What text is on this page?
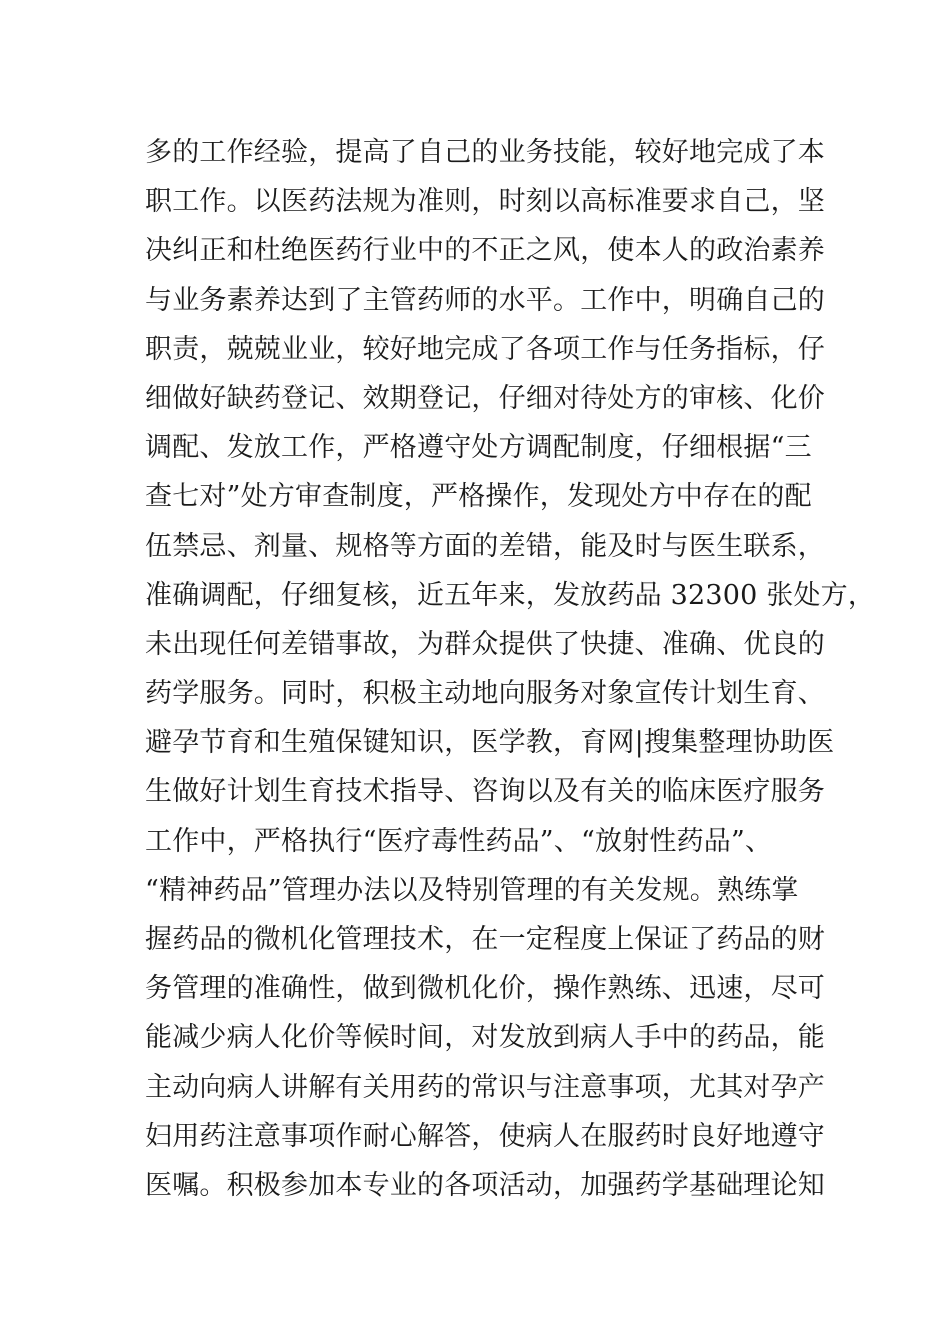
多的工作经验，提高了自己的业务技能，较好地完成了本
职工作。以医药法规为准则，时刻以高标准要求自己，坚
决纠正和杜绝医药行业中的不正之风，使本人的政治素养
与业务素养达到了主管药师的水平。工作中，明确自己的
职责，兢兢业业，较好地完成了各项工作与任务指标，仔
细做好缺药登记、效期登记，仔细对待处方的审核、化价
调配、发放工作，严格遵守处方调配制度，仔细根据“三
查七对”处方审查制度，严格操作，发现处方中存在的配
伍禁忌、剂量、规格等方面的差错，能及时与医生联系，
准确调配，仔细复核，近五年来，发放药品 32300 张处方，
未出现任何差错事故，为群众提供了快捷、准确、优良的
药学服务。同时，积极主动地向服务对象宣传计划生育、
避孕节育和生殖保键知识，医学教，育网|搜集整理协助医
生做好计划生育技术指导、咨询以及有关的临床医疗服务
工作中，严格执行“医疗毒性药品”、“放射性药品”、
“精神药品”管理办法以及特别管理的有关发规。熟练掌
握药品的微机化管理技术，在一定程度上保证了药品的财
务管理的准确性，做到微机化价，操作熟练、迅速，尽可
能减少病人化价等候时间，对发放到病人手中的药品，能
主动向病人讲解有关用药的常识与注意事项，尤其对孕产
妇用药注意事项作耐心解答，使病人在服药时良好地遵守
医嘱。积极参加本专业的各项活动，加强药学基础理论知
